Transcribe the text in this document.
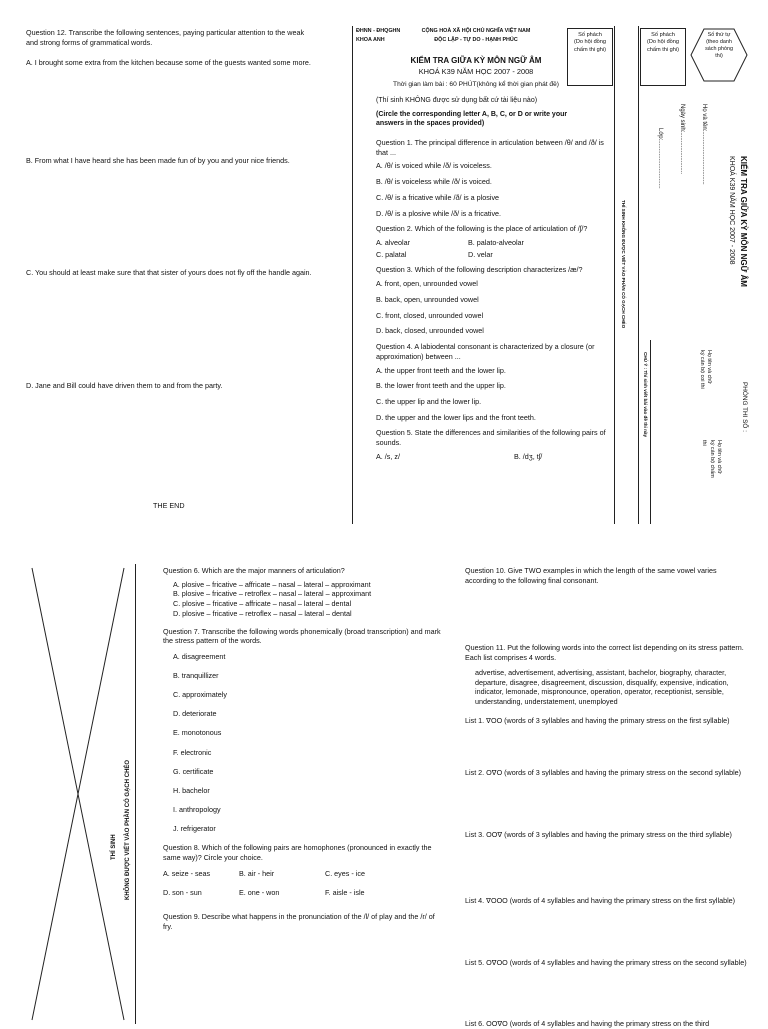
Question 12. Transcribe the following sentences, paying particular attention to the weak and strong forms of grammatical words.
A. I brought some extra from the kitchen because some of the guests wanted some more.
B. From what I have heard she has been made fun of by you and your nice friends.
C. You should at least make sure that that sister of yours does not fly off the handle again.
D. Jane and Bill could have driven them to and from the party.
THE END
ĐHNN - ĐHQGHN
KHOA ANH
CỘNG HOÀ XÃ HỘI CHỦ NGHĨA VIỆT NAM
ĐỘC LẬP - TỰ DO - HẠNH PHÚC
KIỂM TRA GIỮA KỲ MÔN NGỮ ÂM
KHOÁ K39 NĂM HỌC 2007 - 2008
Thời gian làm bài : 60 PHÚT(không kể thời gian phát đề)
(Thí sinh KHÔNG được sử dụng bất cứ tài liệu nào)
(Circle the corresponding letter A, B, C, or D or write your answers in the spaces provided)
Số phách
(Do hội đồng
chấm thi ghi)
Số phách
(Do hội đồng
chấm thi ghi)
Số thứ tự
(theo danh
sách phòng
thi)

Question 1. The principal difference in articulation between /θ/ and /ð/ is that ...

A. /θ/ is voiced while /ð/ is voiceless.

B. /θ/ is voiceless while /ð/ is voiced.

C. /θ/ is a fricative while /ð/ is a plosive

D. /θ/ is a plosive while /ð/ is a fricative.

Question 2. Which of the following is the place of articulation of /ʃ/?

A. alveolar	B. palato-alveolar
C. palatal	D. velar

Question 3. Which of the following description characterizes /æ/?

A. front, open, unrounded vowel

B. back, open, unrounded vowel

C. front, closed, unrounded vowel

D. back, closed, unrounded vowel

Question 4. A labiodental consonant is characterized by a closure (or approximation) between ...

A. the upper front teeth and the lower lip.

B. the lower front teeth and the upper lip.

C. the upper lip and the lower lip.

D. the upper and the lower lips and the front teeth.

Question 5. State the differences and similarities of the following pairs of sounds.

A. /s, z/	B. /dʒ, tʃ/
THÍ SINH KHÔNG ĐƯỢC VIẾT VÀO PHẦN CÓ GẠCH CHÉO
CHÚ Ý : Thí sinh viết bài vào đề thi này
Lớp:.............................	Ngày sinh:.........................	Họ và tên:................................
KIỂM TRA GIỮA KỲ MÔN NGỮ ÂM
KHOÁ K39 NĂM HỌC 2007 - 2008
PHÒNG THI SỐ :
Họ tên và chữ ký cán bộ coi thi
Họ tên và chữ ký cán bộ chấm thi
THÍ SINH KHÔNG ĐƯỢC VIẾT VÀO PHẦN CÓ GẠCH CHÉO

Question 6. Which are the major manners of articulation?

A. plosive – fricative – affricate – nasal – lateral – approximant

B. plosive – fricative – retroflex – nasal – lateral – approximant

C. plosive – fricative – affricate – nasal – lateral – dental

D. plosive – fricative – retroflex – nasal – lateral – dental

Question 7. Transcribe the following words phonemically (broad transcription) and mark the stress pattern of the words.

A. disagreement

B. tranquillizer

C. approximately

D. deteriorate

E. monotonous

F. electronic

G. certificate

H. bachelor

I. anthropology

J. refrigerator

Question 8. Which of the following pairs are homophones (pronounced in exactly the same way)? Circle your choice.

A. seize - seas	B. air - heir	C. eyes - ice
D. son - sun	E. one - won	F. aisle - isle

Question 9. Describe what happens in the pronunciation of the /l/ of play and the /r/ of fry.

Question 10. Give TWO examples in which the length of the same vowel varies according to the following final consonant.
Question 11. Put the following words into the correct list depending on its stress pattern. Each list comprises 4 words.
advertise, advertisement, advertising, assistant, bachelor, biography, character, departure, disagree, disagreement, discussion, disqualify, expensive, indication, indicator, lemonade, mispronounce, operation, operator, receptionist, sensible, understanding, understatement, unemployed
List 1. ∇OO (words of 3 syllables and having the primary stress on the first syllable)
List 2. O∇O (words of 3 syllables and having the primary stress on the second syllable)
List 3. OO∇ (words of 3 syllables and having the primary stress on the third syllable)
List 4. ∇OOO (words of 4 syllables and having the primary stress on the first syllable)
List 5. O∇OO (words of 4 syllables and having the primary stress on the second syllable)
List 6. OO∇O (words of 4 syllables and having the primary stress on the third
